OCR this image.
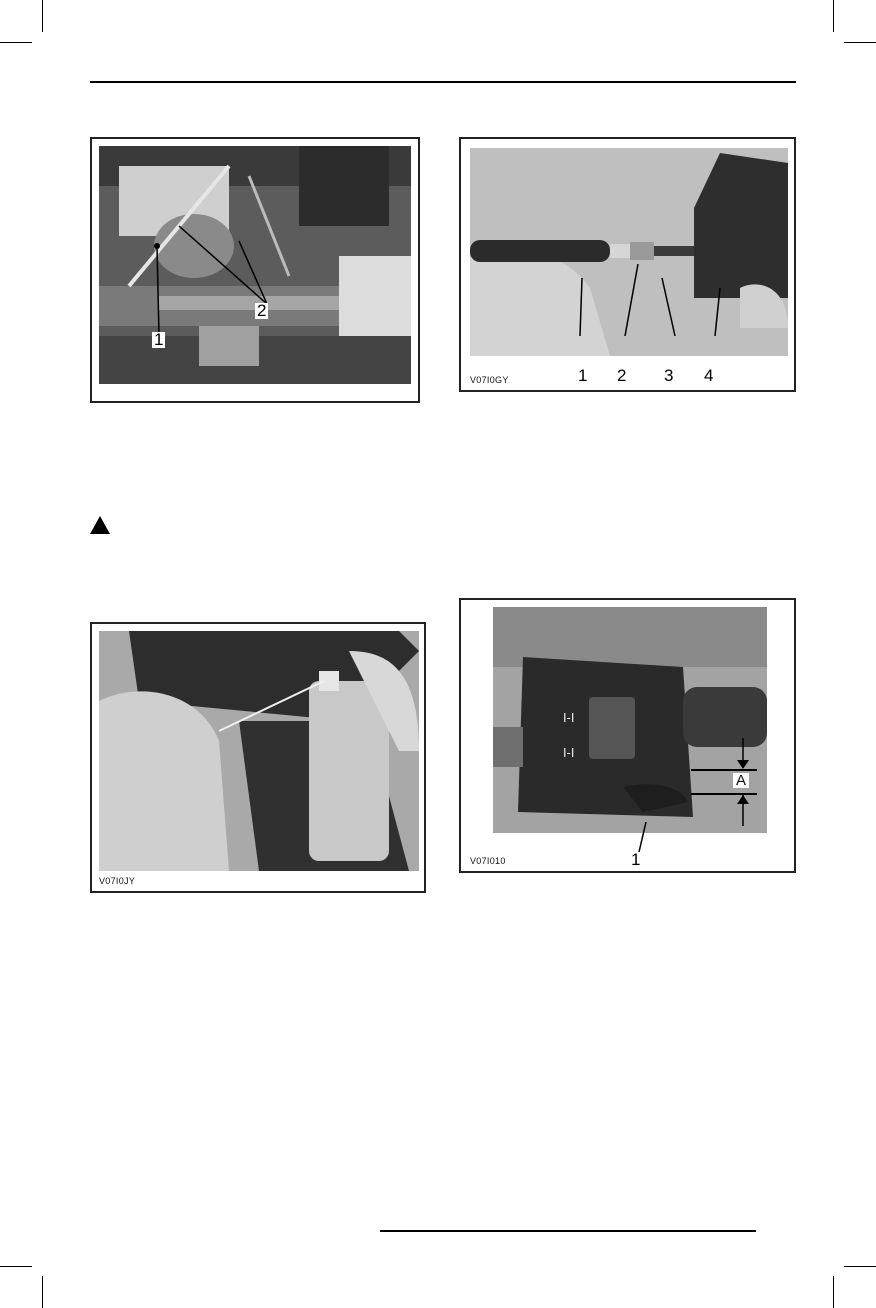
1
2
V07I0GY	1 2 3 4
V07I0JY
I-I
I-I
A
V07I010	1
